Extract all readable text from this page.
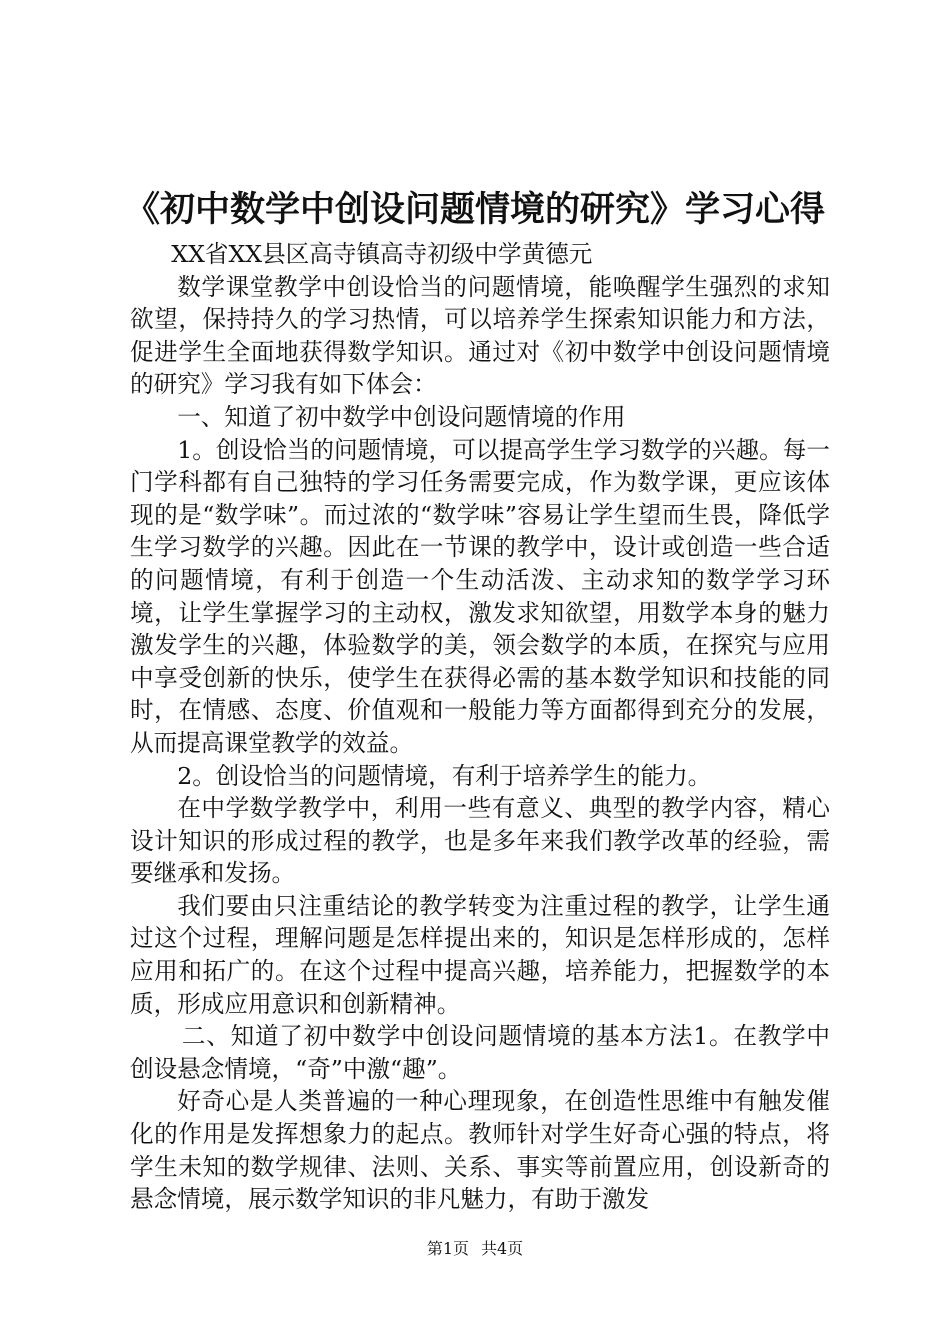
《初中数学中创设问题情境的研究》学习心得

XX省XX县区高寺镇高寺初级中学黄德元

数学课堂教学中创设恰当的问题情境，能唤醒学生强烈的求知欲望，保持持久的学习热情，可以培养学生探索知识能力和方法，促进学生全面地获得数学知识。通过对《初中数学中创设问题情境的研究》学习我有如下体会：

一、知道了初中数学中创设问题情境的作用

1。创设恰当的问题情境，可以提高学生学习数学的兴趣。每一门学科都有自己独特的学习任务需要完成，作为数学课，更应该体现的是“数学味”。而过浓的“数学味”容易让学生望而生畏，降低学生学习数学的兴趣。因此在一节课的教学中，设计或创造一些合适的问题情境，有利于创造一个生动活泼、主动求知的数学学习环境，让学生掌握学习的主动权，激发求知欲望，用数学本身的魅力激发学生的兴趣，体验数学的美，领会数学的本质，在探究与应用中享受创新的快乐，使学生在获得必需的基本数学知识和技能的同时，在情感、态度、价值观和一般能力等方面都得到充分的发展，从而提高课堂教学的效益。

2。创设恰当的问题情境，有利于培养学生的能力。

在中学数学教学中，利用一些有意义、典型的教学内容，精心设计知识的形成过程的教学，也是多年来我们教学改革的经验，需要继承和发扬。

我们要由只注重结论的教学转变为注重过程的教学，让学生通过这个过程，理解问题是怎样提出来的，知识是怎样形成的，怎样应用和拓广的。在这个过程中提高兴趣，培养能力，把握数学的本质，形成应用意识和创新精神。

二、知道了初中数学中创设问题情境的基本方法1。在教学中创设悬念情境，“奇”中激“趣”。

好奇心是人类普遍的一种心理现象，在创造性思维中有触发催化的作用是发挥想象力的起点。教师针对学生好奇心强的特点，将学生未知的数学规律、法则、关系、事实等前置应用，创设新奇的悬念情境，展示数学知识的非凡魅力，有助于激发

第1页 共4页
